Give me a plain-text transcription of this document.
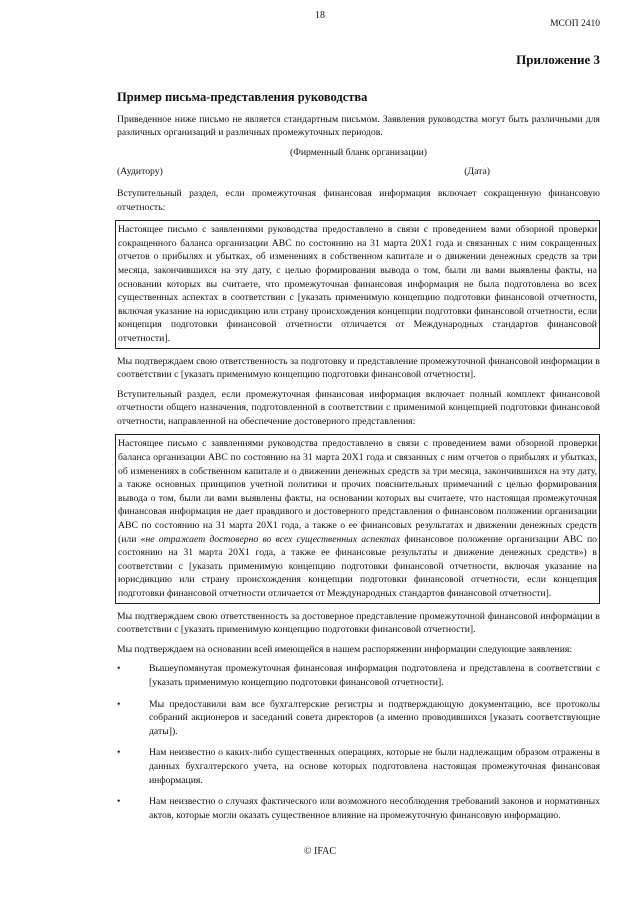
18
МСОП 2410
Приложение 3
Пример письма-представления руководства

Приведенное ниже письмо не является стандартным письмом. Заявления руководства могут быть различными для различных организаций и различных промежуточных периодов.

(Фирменный бланк организации)
(Аудитору)	(Дата)

Вступительный раздел, если промежуточная финансовая информация включает сокращенную финансовую отчетность:

Настоящее письмо с заявлениями руководства предоставлено в связи с проведением вами обзорной проверки сокращенного баланса организации ABC по состоянию на 31 марта 20X1 года и связанных с ним сокращенных отчетов о прибылях и убытках, об изменениях в собственном капитале и о движении денежных средств за три месяца, закончившихся на эту дату, с целью формирования вывода о том, были ли вами выявлены факты, на основании которых вы считаете, что промежуточная финансовая информация не была подготовлена во всех существенных аспектах в соответствии с [указать применимую концепцию подготовки финансовой отчетности, включая указание на юрисдикцию или страну происхождения концепции подготовки финансовой отчетности, если концепция подготовки финансовой отчетности отличается от Международных стандартов финансовой отчетности].

Мы подтверждаем свою ответственность за подготовку и представление промежуточной финансовой информации в соответствии с [указать применимую концепцию подготовки финансовой отчетности].

Вступительный раздел, если промежуточная финансовая информация включает полный комплект финансовой отчетности общего назначения, подготовленной в соответствии с применимой концепцией подготовки финансовой отчетности, направленной на обеспечение достоверного представления:

Настоящее письмо с заявлениями руководства предоставлено в связи с проведением вами обзорной проверки баланса организации ABC по состоянию на 31 марта 20X1 года и связанных с ним отчетов о прибылях и убытках, об изменениях в собственном капитале и о движении денежных средств за три месяца, закончившихся на эту дату, а также основных принципов учетной политики и прочих пояснительных примечаний с целью формирования вывода о том, были ли вами выявлены факты, на основании которых вы считаете, что настоящая промежуточная финансовая информация не дает правдивого и достоверного представления о финансовом положении организации ABC по состоянию на 31 марта 20X1 года, а также о ее финансовых результатах и движении денежных средств (или «не отражает достоверно во всех существенных аспектах финансовое положение организации ABC по состоянию на 31 марта 20X1 года, а также ее финансовые результаты и движение денежных средств») в соответствии с [указать применимую концепцию подготовки финансовой отчетности, включая указание на юрисдикцию или страну происхождения концепции подготовки финансовой отчетности, если концепция подготовки финансовой отчетности отличается от Международных стандартов финансовой отчетности].

Мы подтверждаем свою ответственность за достоверное представление промежуточной финансовой информации в соответствии с [указать применимую концепцию подготовки финансовой отчетности].

Мы подтверждаем на основании всей имеющейся в нашем распоряжении информации следующие заявления:

•	Вышеупомянутая промежуточная финансовая информация подготовлена и представлена в соответствии с [указать применимую концепцию подготовки финансовой отчетности].
•	Мы предоставили вам все бухгалтерские регистры и подтверждающую документацию, все протоколы собраний акционеров и заседаний совета директоров (а именно проводившихся [указать соответствующие даты]).
•	Нам неизвестно о каких-либо существенных операциях, которые не были надлежащим образом отражены в данных бухгалтерского учета, на основе которых подготовлена настоящая промежуточная финансовая информация.
•	Нам неизвестно о случаях фактического или возможного несоблюдения требований законов и нормативных актов, которые могли оказать существенное влияние на промежуточную финансовую информацию.
© IFAC
